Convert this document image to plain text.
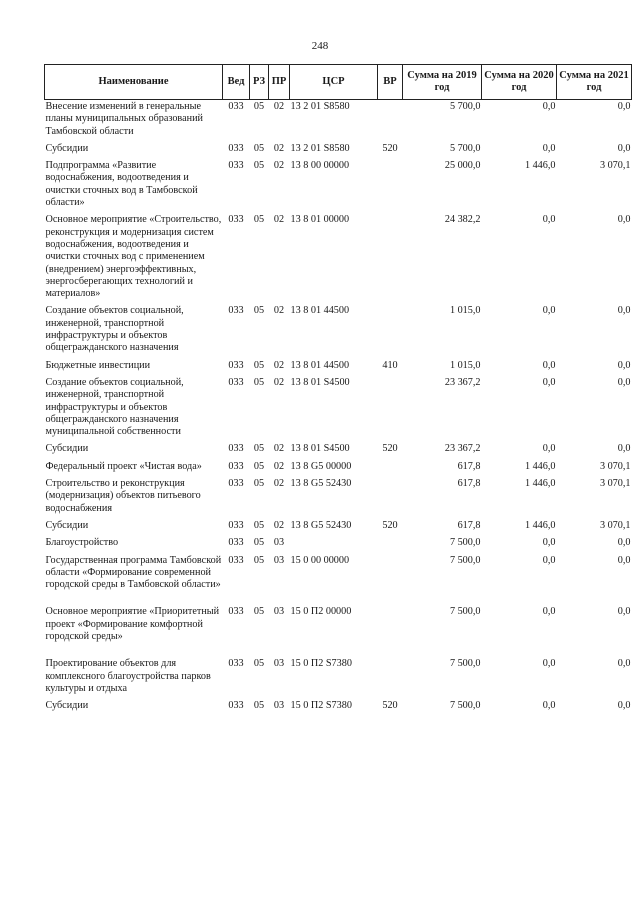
248
Наименование	Вед	РЗ	ПР	ЦСР	ВР	Сумма на 2019 год	Сумма на 2020 год	Сумма на 2021 год
Внесение изменений в генеральные планы муниципальных образований Тамбовской области	033	05	02	13 2 01 S8580		5 700,0	0,0	0,0
Субсидии	033	05	02	13 2 01 S8580	520	5 700,0	0,0	0,0
Подпрограмма «Развитие водоснабжения, водоотведения и очистки сточных вод в Тамбовской области»	033	05	02	13 8 00 00000		25 000,0	1 446,0	3 070,1
Основное мероприятие «Строительство, реконструкция и модернизация систем водоснабжения, водоотведения и очистки сточных вод с применением (внедрением) энергоэффективных, энергосберегающих технологий и материалов»	033	05	02	13 8 01 00000		24 382,2	0,0	0,0
Создание объектов социальной, инженерной, транспортной инфраструктуры и объектов общегражданского назначения	033	05	02	13 8 01 44500		1 015,0	0,0	0,0
Бюджетные инвестиции	033	05	02	13 8 01 44500	410	1 015,0	0,0	0,0
Создание объектов социальной, инженерной, транспортной инфраструктуры и объектов общегражданского назначения муниципальной собственности	033	05	02	13 8 01 S4500		23 367,2	0,0	0,0
Субсидии	033	05	02	13 8 01 S4500	520	23 367,2	0,0	0,0
Федеральный проект «Чистая вода»	033	05	02	13 8 G5 00000		617,8	1 446,0	3 070,1
Строительство и реконструкция (модернизация) объектов питьевого водоснабжения	033	05	02	13 8 G5 52430		617,8	1 446,0	3 070,1
Субсидии	033	05	02	13 8 G5 52430	520	617,8	1 446,0	3 070,1
Благоустройство	033	05	03			7 500,0	0,0	0,0
Государственная программа Тамбовской области «Формирование современной городской среды в Тамбовской области»	033	05	03	15 0 00 00000		7 500,0	0,0	0,0
Основное мероприятие «Приоритетный проект «Формирование комфортной городской среды»	033	05	03	15 0 П2 00000		7 500,0	0,0	0,0
Проектирование объектов для комплексного благоустройства парков культуры и отдыха	033	05	03	15 0 П2 S7380		7 500,0	0,0	0,0
Субсидии	033	05	03	15 0 П2 S7380	520	7 500,0	0,0	0,0
